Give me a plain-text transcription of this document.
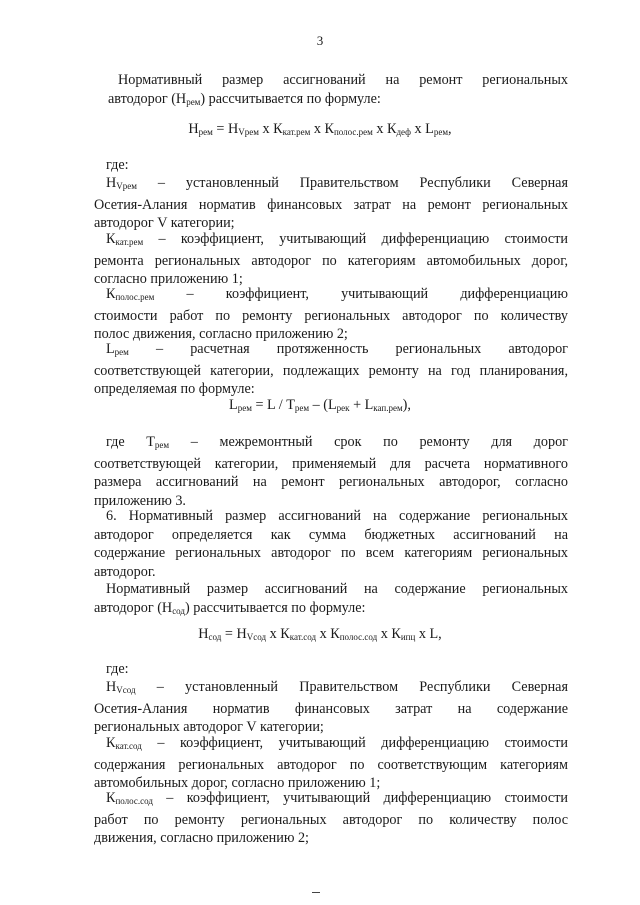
3
Нормативный размер ассигнований на ремонт региональных
автодорог $(Н_{рем})$ рассчитывается по формуле:
$Н_{рем} = Н_{Vрем}$ x $К_{кат.рем}$ x $К_{полос.рем}$ x $К_{деф}$ x $L_{рем}$,
где:
$Н_{Vрем}$ – установленный Правительством Республики Северная
Осетия-Алания норматив финансовых затрат на ремонт региональных
автодорог V категории;
$К_{кат.рем}$ – коэффициент, учитывающий дифференциацию стоимости
ремонта региональных автодорог по категориям автомобильных дорог,
согласно приложению 1;
$К_{полос.рем}$ – коэффициент, учитывающий дифференциацию
стоимости работ по ремонту региональных автодорог по количеству
полос движения, согласно приложению 2;
$L_{рем}$ – расчетная протяженность региональных автодорог
соответствующей категории, подлежащих ремонту на год планирования,
определяемая по формуле:
$L_{рем} = L / Т_{рем} - (L_{рек} + L_{кап.рем})$,
где $Т_{рем}$ – межремонтный срок по ремонту для дорог
соответствующей категории, применяемый для расчета нормативного
размера ассигнований на ремонт региональных автодорог, согласно
приложению 3.
6. Нормативный размер ассигнований на содержание региональных
автодорог определяется как сумма бюджетных ассигнований на
содержание региональных автодорог по всем категориям региональных
автодорог.
Нормативный размер ассигнований на содержание региональных
автодорог $(Н_{сод})$ рассчитывается по формуле:
$Н_{сод} = Н_{Vсод}$ x $К_{кат.сод}$ x $К_{полос.сод}$ x $К_{ипц}$ x L,
где:
$Н_{Vсод}$ – установленный Правительством Республики Северная
Осетия-Алания норматив финансовых затрат на содержание
региональных автодорог V категории;
$К_{кат.сод}$ – коэффициент, учитывающий дифференциацию стоимости
содержания региональных автодорог по соответствующим категориям
автомобильных дорог, согласно приложению 1;
$К_{полос.сод}$ – коэффициент, учитывающий дифференциацию стоимости
работ по ремонту региональных автодорог по количеству полос
движения, согласно приложению 2;
